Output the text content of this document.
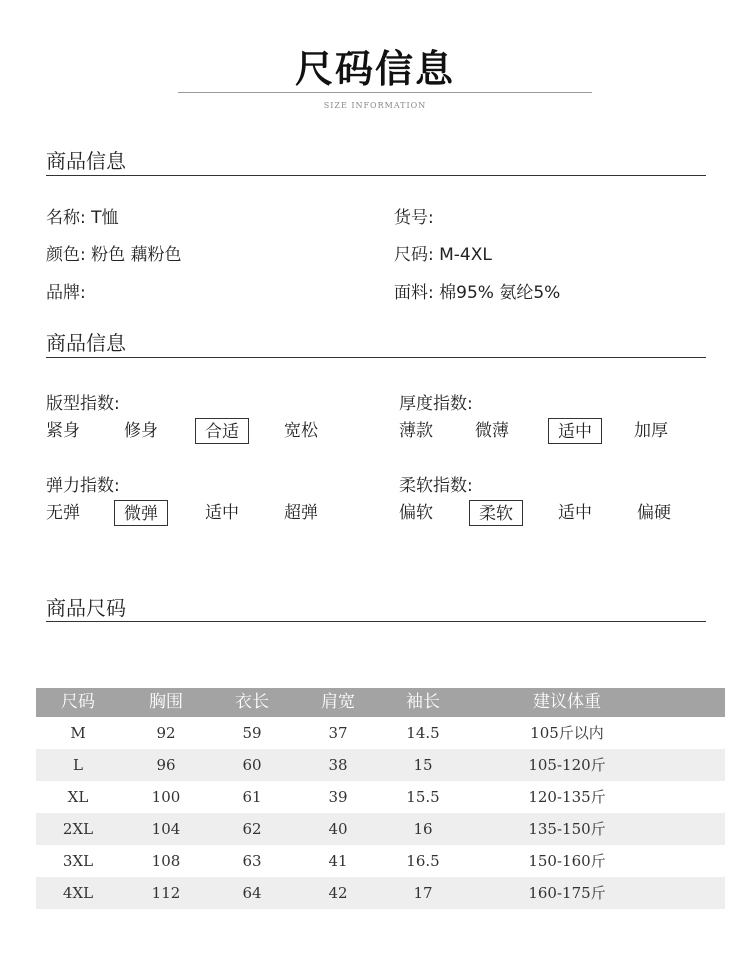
尺码信息
SIZE INFORMATION
商品信息
名称: T恤	货号:
颜色: 粉色 藕粉色	尺码: M-4XL
品牌:	面料: 棉95% 氨纶5%
商品信息
版型指数:
紧身	修身	合适	宽松
厚度指数:
薄款 微薄	适中	加厚
弹力指数:
无弹	微弹	适中	超弹
柔软指数:
偏软	柔软	适中	偏硬
商品尺码
尺码	胸围	衣长	肩宽	袖长	建议体重
M	92	59	37	14.5	105斤以内
L	96	60	38	15	105-120斤
XL	100	61	39	15.5	120-135斤
2XL	104	62	40	16	135-150斤
3XL	108	63	41	16.5	150-160斤
4XL	112	64	42	17	160-175斤
